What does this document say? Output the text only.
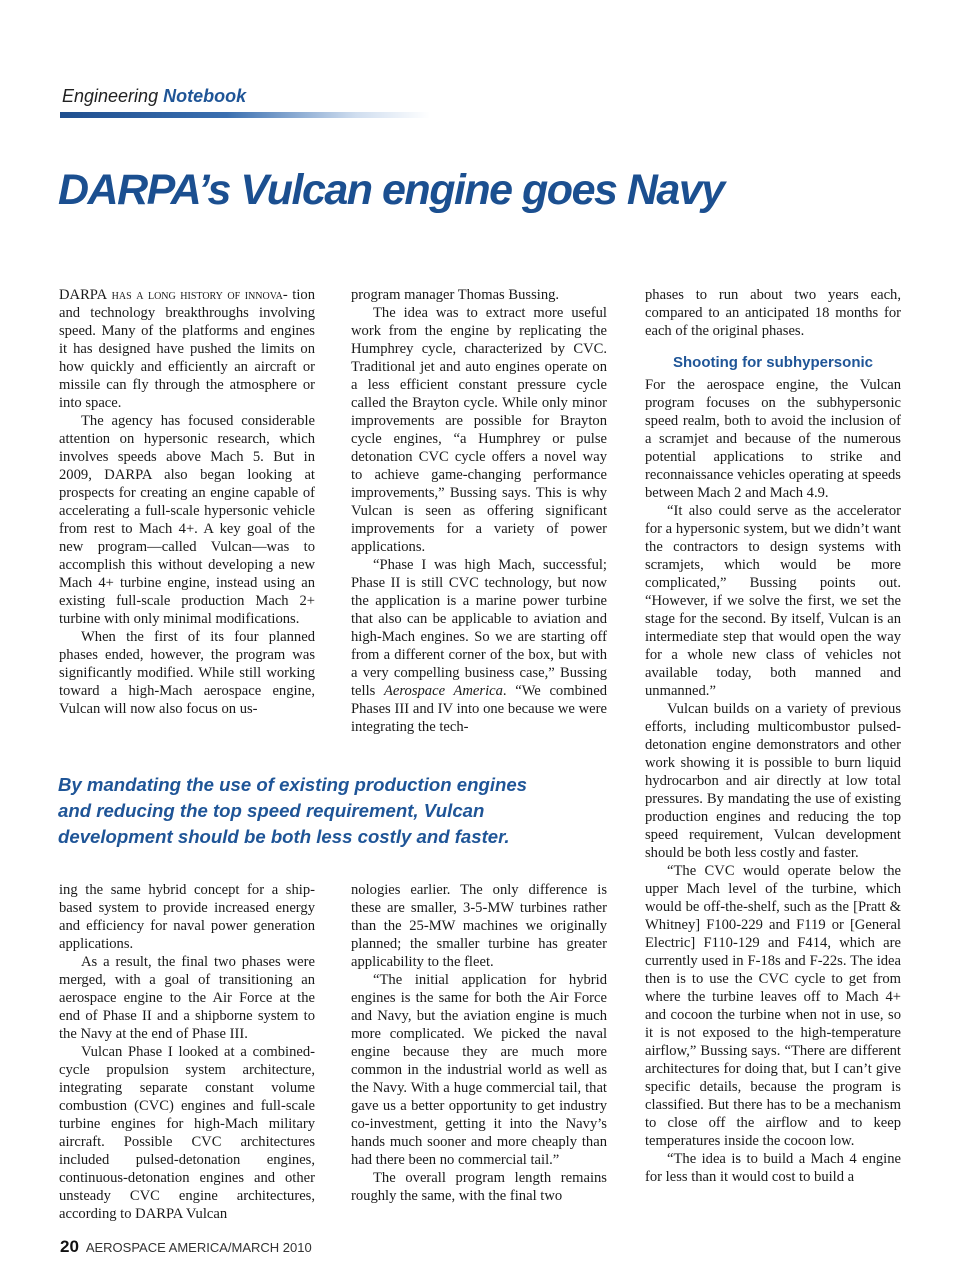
Engineering Notebook
DARPA’s Vulcan engine goes Navy

DARPA has a long history of innova- tion and technology breakthroughs involving speed. Many of the platforms and engines it has designed have pushed the limits on how quickly and efficiently an aircraft or missile can fly through the atmosphere or into space.

The agency has focused considerable attention on hypersonic research, which involves speeds above Mach 5. But in 2009, DARPA also began looking at prospects for creating an engine capable of accelerating a full-scale hypersonic vehicle from rest to Mach 4+. A key goal of the new program—called Vulcan—was to accomplish this without developing a new Mach 4+ turbine engine, instead using an existing full-scale production Mach 2+ turbine with only minimal modifications.

When the first of its four planned phases ended, however, the program was significantly modified. While still working toward a high-Mach aerospace engine, Vulcan will now also focus on us-

program manager Thomas Bussing.

The idea was to extract more useful work from the engine by replicating the Humphrey cycle, characterized by CVC. Traditional jet and auto engines operate on a less efficient constant pressure cycle called the Brayton cycle. While only minor improvements are possible for Brayton cycle engines, “a Humphrey or pulse detonation CVC cycle offers a novel way to achieve game-changing performance improvements,” Bussing says. This is why Vulcan is seen as offering significant improvements for a variety of power applications.

“Phase I was high Mach, successful; Phase II is still CVC technology, but now the application is a marine power turbine that also can be applicable to aviation and high-Mach engines. So we are starting off from a different corner of the box, but with a very compelling business case,” Bussing tells Aerospace America. “We combined Phases III and IV into one because we were integrating the tech-

By mandating the use of existing production engines and reducing the top speed requirement, Vulcan development should be both less costly and faster.

ing the same hybrid concept for a ship-based system to provide increased energy and efficiency for naval power generation applications.

As a result, the final two phases were merged, with a goal of transitioning an aerospace engine to the Air Force at the end of Phase II and a shipborne system to the Navy at the end of Phase III.

Vulcan Phase I looked at a combined-cycle propulsion system architecture, integrating separate constant volume combustion (CVC) engines and full-scale turbine engines for high-Mach military aircraft. Possible CVC architectures included pulsed-detonation engines, continuous-detonation engines and other unsteady CVC engine architectures, according to DARPA Vulcan

nologies earlier. The only difference is these are smaller, 3-5-MW turbines rather than the 25-MW machines we originally planned; the smaller turbine has greater applicability to the fleet.

“The initial application for hybrid engines is the same for both the Air Force and Navy, but the aviation engine is much more complicated. We picked the naval engine because they are much more common in the industrial world as well as the Navy. With a huge commercial tail, that gave us a better opportunity to get industry co-investment, getting it into the Navy’s hands much sooner and more cheaply than had there been no commercial tail.”

The overall program length remains roughly the same, with the final two

phases to run about two years each, compared to an anticipated 18 months for each of the original phases.

Shooting for subhypersonic

For the aerospace engine, the Vulcan program focuses on the subhypersonic speed realm, both to avoid the inclusion of a scramjet and because of the numerous potential applications to strike and reconnaissance vehicles operating at speeds between Mach 2 and Mach 4.9.

“It also could serve as the accelerator for a hypersonic system, but we didn’t want the contractors to design systems with scramjets, which would be more complicated,” Bussing points out. “However, if we solve the first, we set the stage for the second. By itself, Vulcan is an intermediate step that would open the way for a whole new class of vehicles not available today, both manned and unmanned.”

Vulcan builds on a variety of previous efforts, including multicombustor pulsed-detonation engine demonstrators and other work showing it is possible to burn liquid hydrocarbon and air directly at low total pressures. By mandating the use of existing production engines and reducing the top speed requirement, Vulcan development should be both less costly and faster.

“The CVC would operate below the upper Mach level of the turbine, which would be off-the-shelf, such as the [Pratt & Whitney] F100-229 and F119 or [General Electric] F110-129 and F414, which are currently used in F-18s and F-22s. The idea then is to use the CVC cycle to get from where the turbine leaves off to Mach 4+ and cocoon the turbine when not in use, so it is not exposed to the high-temperature airflow,” Bussing says. “There are different architectures for doing that, but I can’t give specific details, because the program is classified. But there has to be a mechanism to close off the airflow and to keep temperatures inside the cocoon low.

“The idea is to build a Mach 4 engine for less than it would cost to build a

20 AEROSPACE AMERICA/MARCH 2010
